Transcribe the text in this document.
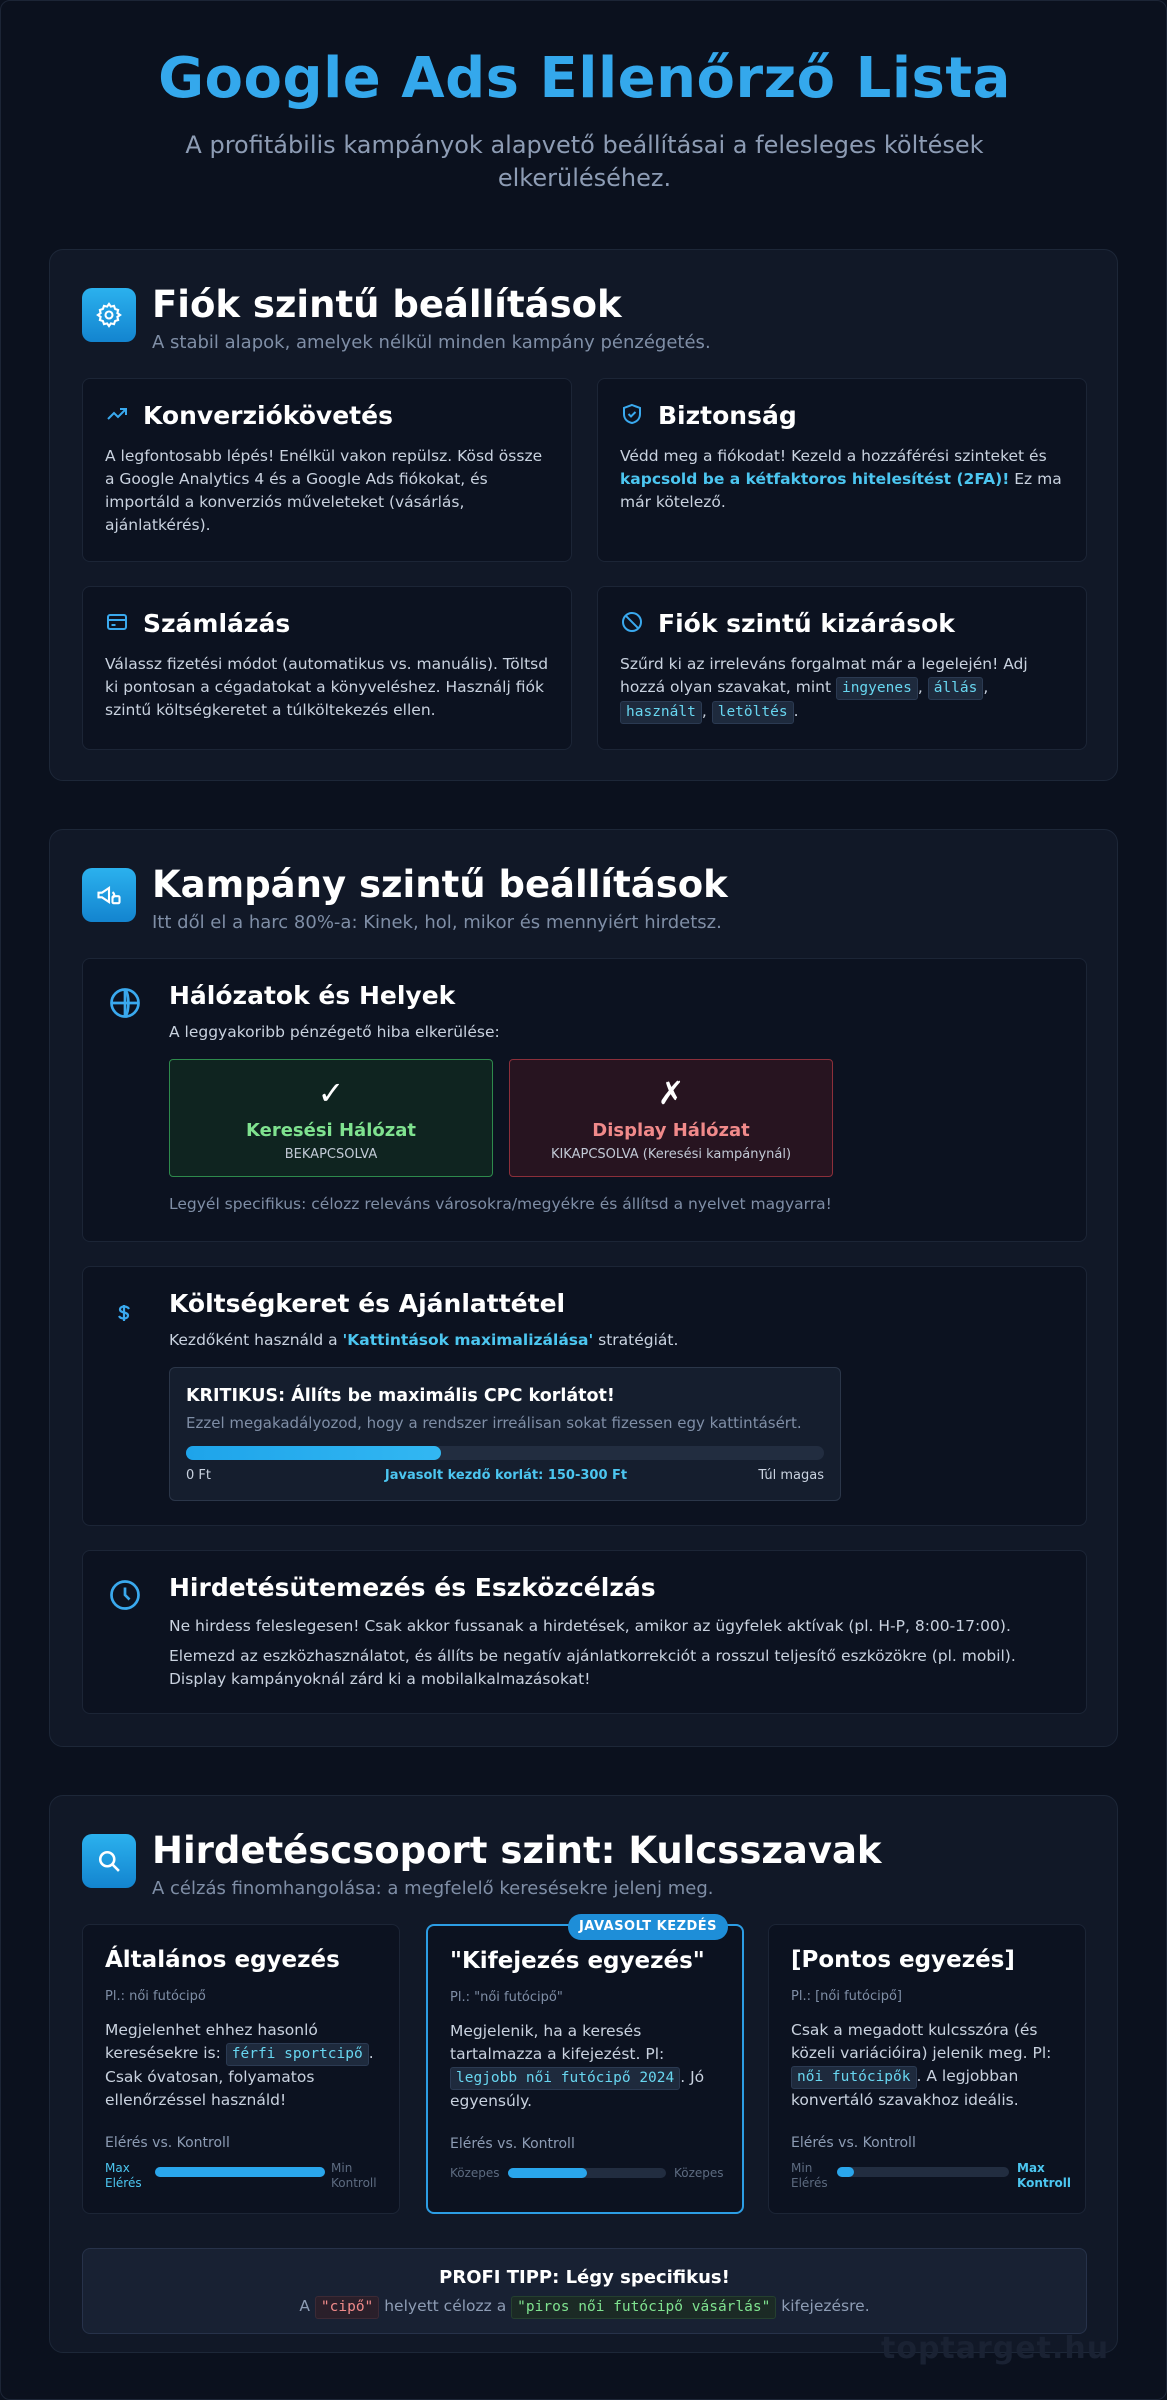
Google Ads Ellenőrző Lista

A profitábilis kampányok alapvető beállításai a felesleges költések elkerüléséhez.

Fiók szintű beállítások
A stabil alapok, amelyek nélkül minden kampány pénzégetés.
Konverziókövetés
A legfontosabb lépés! Enélkül vakon repülsz. Kösd össze a Google Analytics 4 és a Google Ads fiókokat, és importáld a konverziós műveleteket (vásárlás, ajánlatkérés).
Biztonság
Védd meg a fiókodat! Kezeld a hozzáférési szinteket és kapcsold be a kétfaktoros hitelesítést (2FA)! Ez ma már kötelező.
Számlázás
Válassz fizetési módot (automatikus vs. manuális). Töltsd ki pontosan a cégadatokat a könyveléshez. Használj fiók szintű költségkeretet a túlköltekezés ellen.
Fiók szintű kizárások
Szűrd ki az irreleváns forgalmat már a legelején! Adj hozzá olyan szavakat, mint ingyenes , állás , használt , letöltés .
Kampány szintű beállítások
Itt dől el a harc 80%-a: Kinek, hol, mikor és mennyiért hirdetsz.
Hálózatok és Helyek
A leggyakoribb pénzégető hiba elkerülése:
✓
Keresési Hálózat
BEKAPCSOLVA
✗
Display Hálózat
KIKAPCSOLVA (Keresési kampánynál)
Legyél specifikus: célozz releváns városokra/megyékre és állítsd a nyelvet magyarra!
Költségkeret és Ajánlattétel
Kezdőként használd a 'Kattintások maximalizálása' stratégiát.
KRITIKUS: Állíts be maximális CPC korlátot!
Ezzel megakadályozod, hogy a rendszer irreálisan sokat fizessen egy kattintásért.
0 Ft	Javasolt kezdő korlát: 150-300 Ft	Túl magas
Hirdetésütemezés és Eszközcélzás
Ne hirdess feleslegesen! Csak akkor fussanak a hirdetések, amikor az ügyfelek aktívak (pl. H-P, 8:00-17:00).
Elemezd az eszközhasználatot, és állíts be negatív ajánlatkorrekciót a rosszul teljesítő eszközökre (pl. mobil). Display kampányoknál zárd ki a mobilalkalmazásokat!
Hirdetéscsoport szint: Kulcsszavak
A célzás finomhangolása: a megfelelő keresésekre jelenj meg.
Általános egyezés
Pl.: női futócipő
Megjelenhet ehhez hasonló keresésekre is: férfi sportcipő . Csak óvatosan, folyamatos ellenőrzéssel használd!
Elérés vs. Kontroll
Max Elérés
Min Kontroll
JAVASOLT KEZDÉS
"Kifejezés egyezés"
Pl.: "női futócipő"
Megjelenik, ha a keresés tartalmazza a kifejezést. Pl: legjobb női futócipő 2024 . Jó egyensúly.
Elérés vs. Kontroll
Közepes	Közepes
[Pontos egyezés]
Pl.: [női futócipő]
Csak a megadott kulcsszóra (és közeli variációira) jelenik meg. Pl: női futócipők . A legjobban konvertáló szavakhoz ideális.
Elérés vs. Kontroll
Min Elérés
Max Kontroll
PROFI TIPP: Légy specifikus!
A "cipő" helyett célozz a "piros női futócipő vásárlás" kifejezésre.
toptarget.hu
